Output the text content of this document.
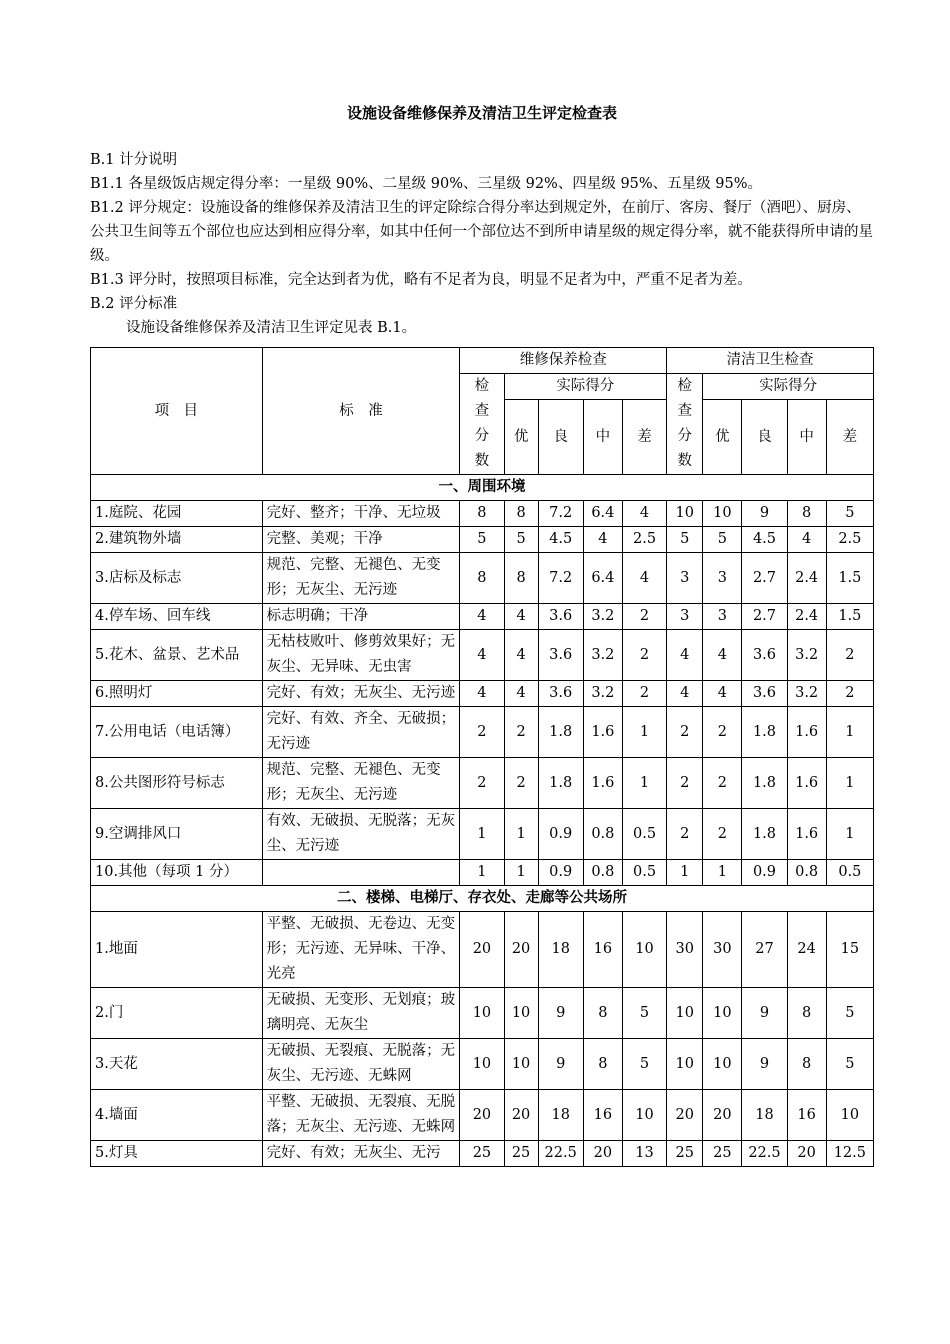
设施设备维修保养及清洁卫生评定检查表

B.1 计分说明

B1.1 各星级饭店规定得分率：一星级 90%、二星级 90%、三星级 92%、四星级 95%、五星级 95%。

B1.2 评分规定：设施设备的维修保养及清洁卫生的评定除综合得分率达到规定外，在前厅、客房、餐厅（酒吧）、厨房、公共卫生间等五个部位也应达到相应得分率，如其中任何一个部位达不到所申请星级的规定得分率，就不能获得所申请的星级。

B1.3 评分时，按照项目标准，完全达到者为优，略有不足者为良，明显不足者为中，严重不足者为差。

B.2 评分标准

设施设备维修保养及清洁卫生评定见表 B.1。

项　目	标　准	维修保养检查					清洁卫生检查				
		检
查
分
数	实际得分				检
查
分
数	实际得分			
			优	良	中	差		优	良	中	差
一、周围环境											
1.庭院、花园	完好、整齐；干净、无垃圾	8	8	7.2	6.4	4	10	10	9	8	5
2.建筑物外墙	完整、美观；干净	5	5	4.5	4	2.5	5	5	4.5	4	2.5
3.店标及标志	规范、完整、无褪色、无变形；无灰尘、无污迹	8	8	7.2	6.4	4	3	3	2.7	2.4	1.5
4.停车场、回车线	标志明确；干净	4	4	3.6	3.2	2	3	3	2.7	2.4	1.5
5.花木、盆景、艺术品	无枯枝败叶、修剪效果好；无灰尘、无异味、无虫害	4	4	3.6	3.2	2	4	4	3.6	3.2	2
6.照明灯	完好、有效；无灰尘、无污迹	4	4	3.6	3.2	2	4	4	3.6	3.2	2
7.公用电话（电话簿）	完好、有效、齐全、无破损；无污迹	2	2	1.8	1.6	1	2	2	1.8	1.6	1
8.公共图形符号标志	规范、完整、无褪色、无变形；无灰尘、无污迹	2	2	1.8	1.6	1	2	2	1.8	1.6	1
9.空调排风口	有效、无破损、无脱落；无灰尘、无污迹	1	1	0.9	0.8	0.5	2	2	1.8	1.6	1
10.其他（每项 1 分）		1	1	0.9	0.8	0.5	1	1	0.9	0.8	0.5
二、楼梯、电梯厅、存衣处、走廊等公共场所											
1.地面	平整、无破损、无卷边、无变形；无污迹、无异味、干净、光亮	20	20	18	16	10	30	30	27	24	15
2.门	无破损、无变形、无划痕；玻璃明亮、无灰尘	10	10	9	8	5	10	10	9	8	5
3.天花	无破损、无裂痕、无脱落；无灰尘、无污迹、无蛛网	10	10	9	8	5	10	10	9	8	5
4.墙面	平整、无破损、无裂痕、无脱落；无灰尘、无污迹、无蛛网	20	20	18	16	10	20	20	18	16	10
5.灯具	完好、有效；无灰尘、无污	25	25	22.5	20	13	25	25	22.5	20	12.5
